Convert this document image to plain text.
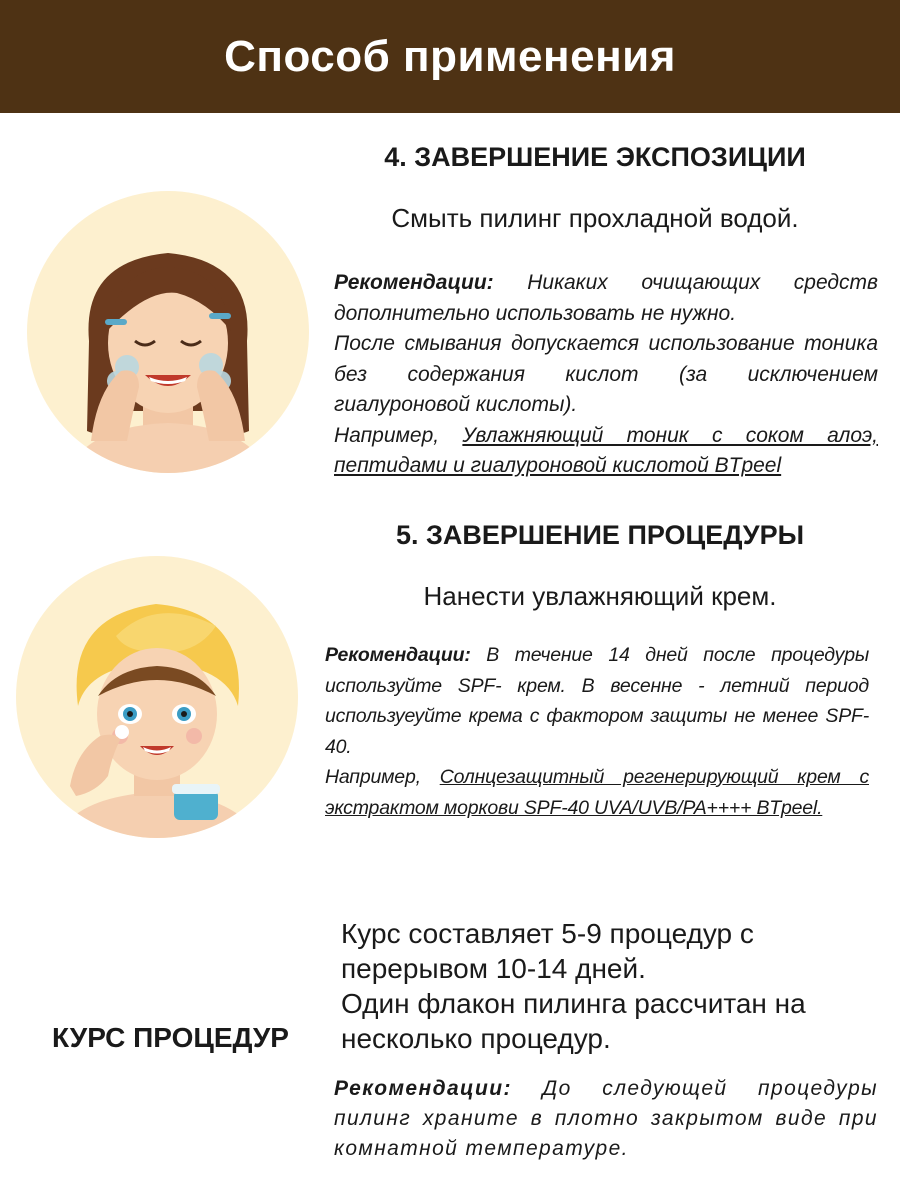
Способ применения
4. ЗАВЕРШЕНИЕ ЭКСПОЗИЦИИ
Смыть пилинг прохладной водой.
Рекомендации: Никаких очищающих средств дополнительно использовать не нужно.
После смывания допускается использование тоника без содержания кислот (за исключением гиалуроновой кислоты).
Например, Увлажняющий тоник с соком алоэ, пептидами и гиалуроновой кислотой BTpeel
5. ЗАВЕРШЕНИЕ ПРОЦЕДУРЫ
Нанести увлажняющий крем.
Рекомендации: В течение 14 дней после процедуры используйте SPF- крем. В весенне - летний период используеуйте крема с фактором защиты не менее SPF-40.
Например, Солнцезащитный регенерирующий крем с экстрактом моркови SPF-40 UVA/UVB/PA++++ BTpeel.
Курс составляет 5-9 процедур с перерывом 10-14 дней.
Один флакон пилинга рассчитан на несколько процедур.
КУРС ПРОЦЕДУР
Рекомендации: До следующей процедуры пилинг храните в плотно закрытом виде при комнатной температуре.
